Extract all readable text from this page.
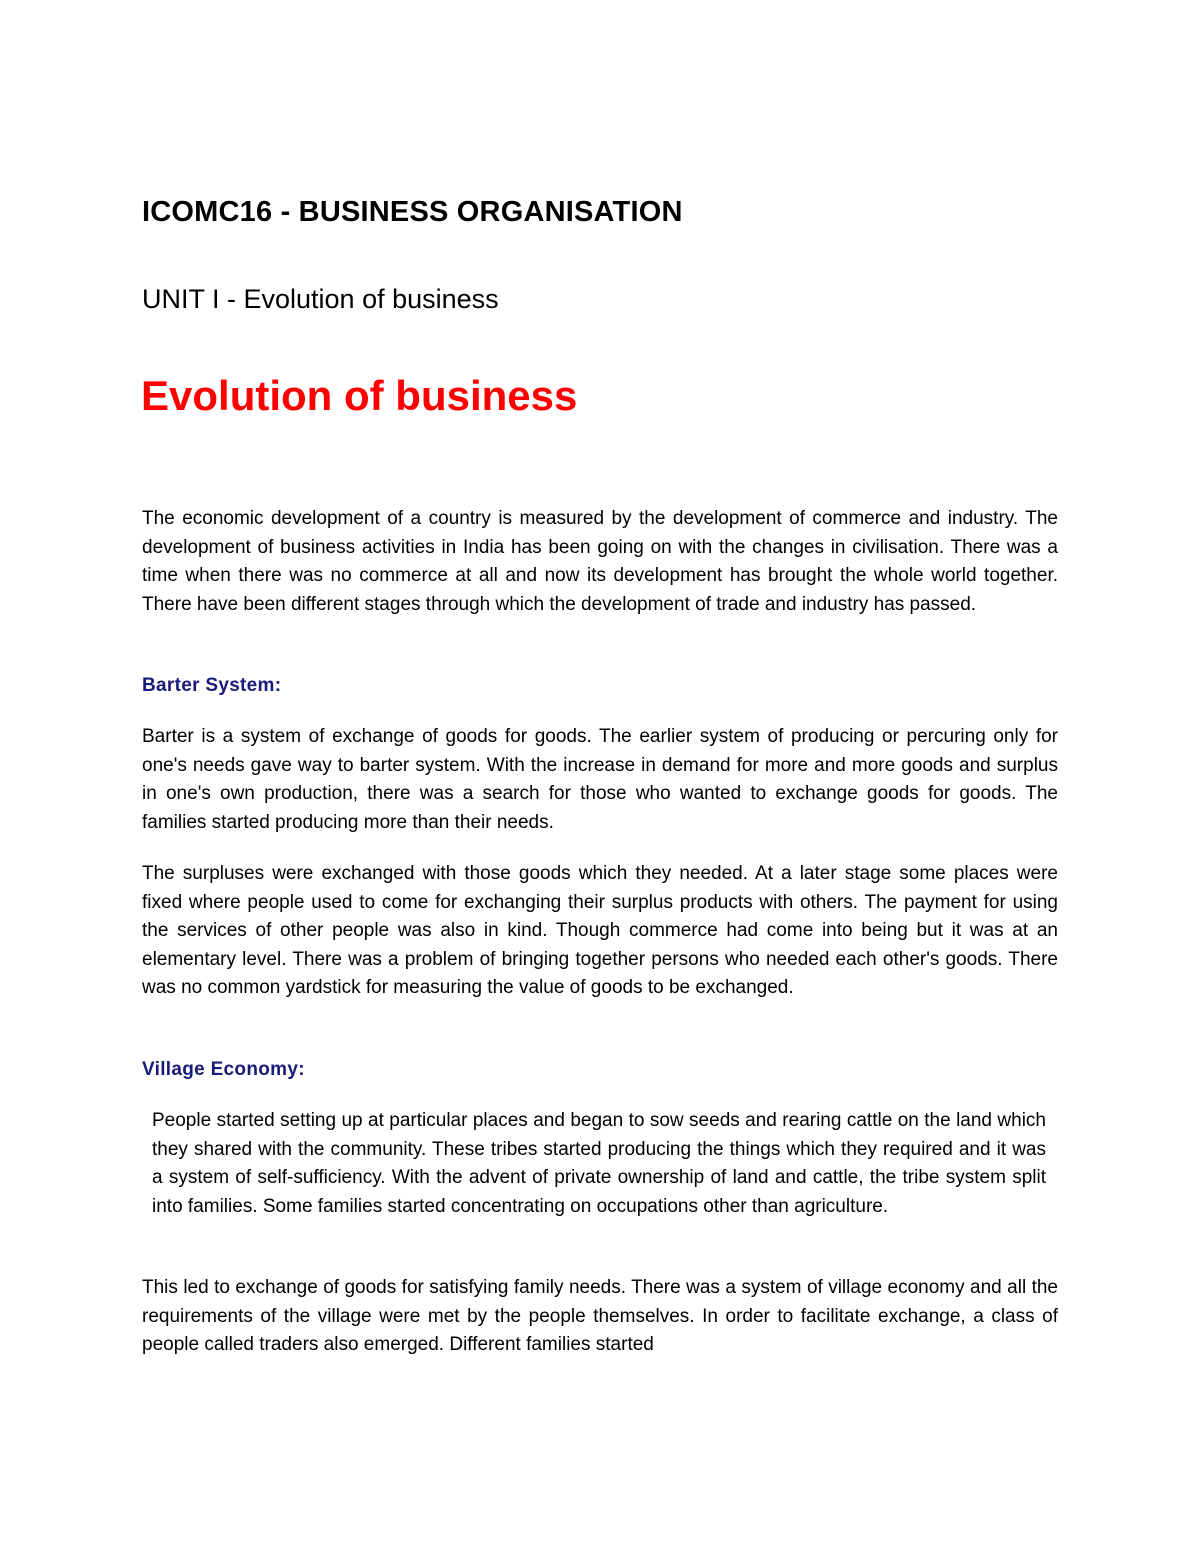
ICOMC16 - BUSINESS ORGANISATION
UNIT I - Evolution of business
Evolution of business

The economic development of a country is measured by the development of commerce and industry. The development of business activities in India has been going on with the changes in civilisation. There was a time when there was no commerce at all and now its development has brought the whole world together. There have been different stages through which the development of trade and industry has passed.

Barter System:

Barter is a system of exchange of goods for goods. The earlier system of producing or percuring only for one's needs gave way to barter system. With the increase in demand for more and more goods and surplus in one's own production, there was a search for those who wanted to exchange goods for goods. The families started producing more than their needs.

The surpluses were exchanged with those goods which they needed. At a later stage some places were fixed where people used to come for exchanging their surplus products with others. The payment for using the services of other people was also in kind. Though commerce had come into being but it was at an elementary level. There was a problem of bringing together persons who needed each other's goods. There was no common yardstick for measuring the value of goods to be exchanged.

Village Economy:

People started setting up at particular places and began to sow seeds and rearing cattle on the land which they shared with the community. These tribes started producing the things which they required and it was a system of self-sufficiency. With the advent of private ownership of land and cattle, the tribe system split into families. Some families started concentrating on occupations other than agriculture.

This led to exchange of goods for satisfying family needs. There was a system of village economy and all the requirements of the village were met by the people themselves. In order to facilitate exchange, a class of people called traders also emerged. Different families started
